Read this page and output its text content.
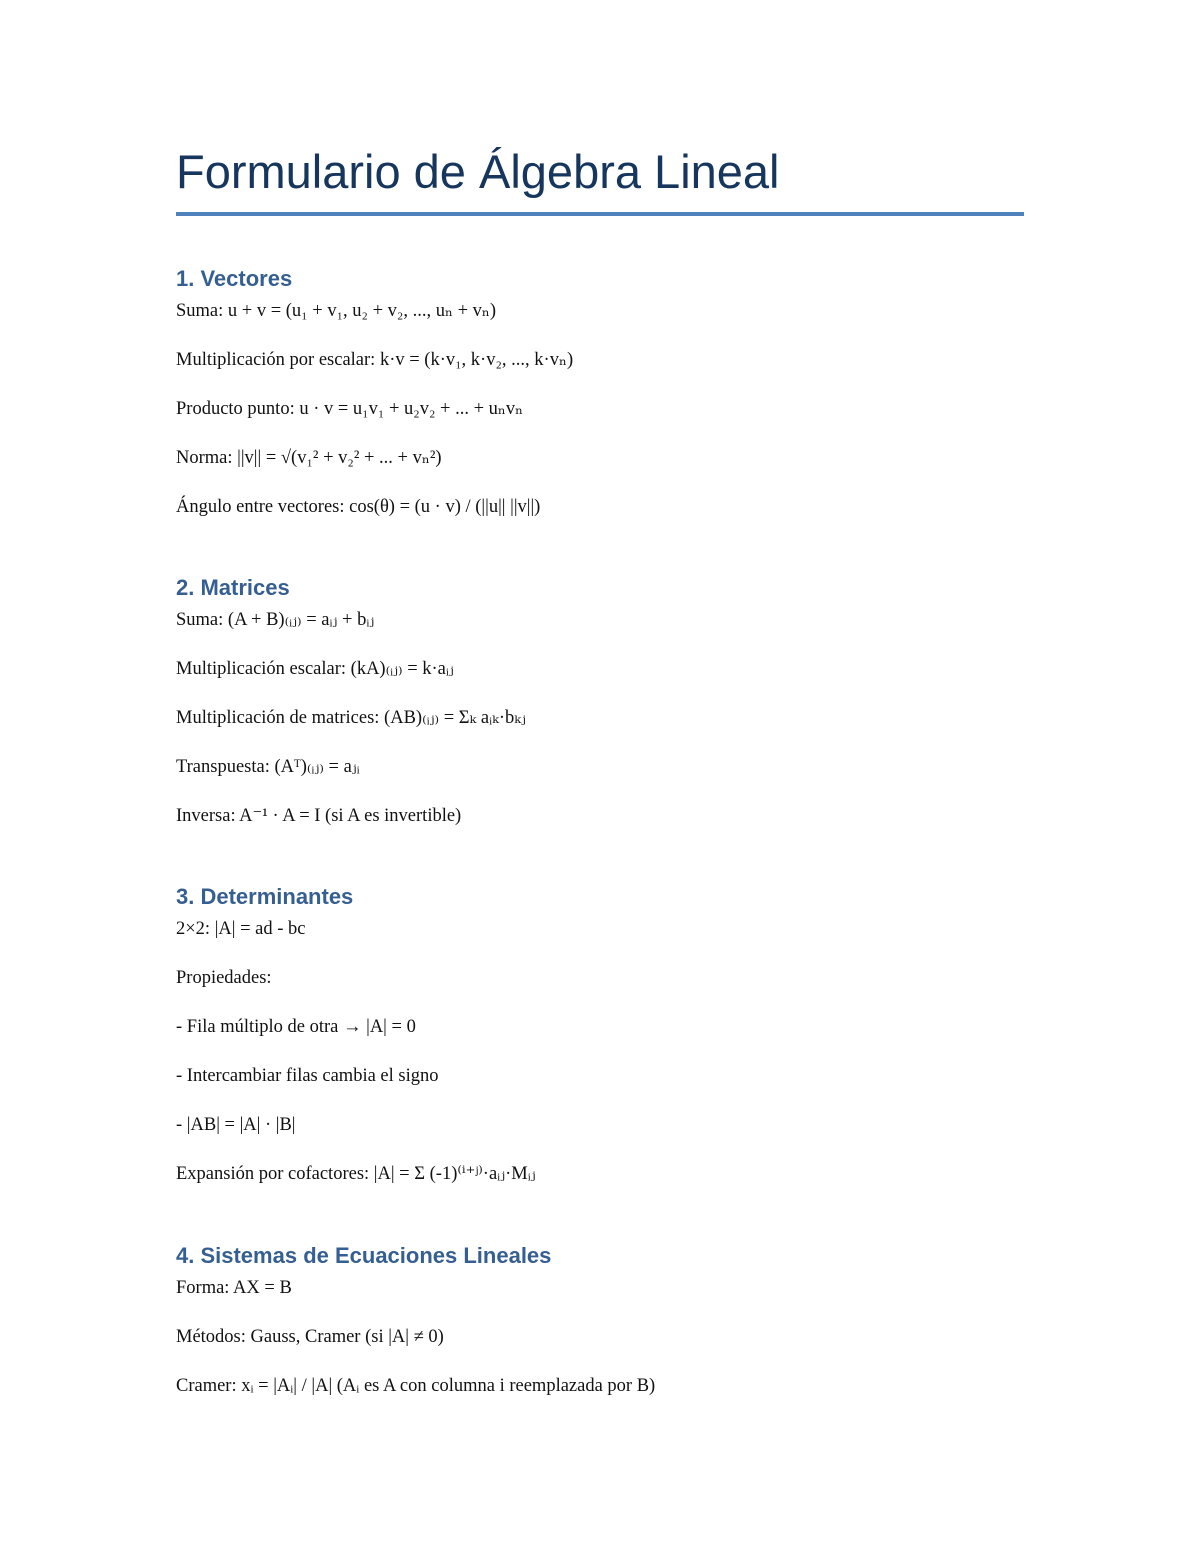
Formulario de Álgebra Lineal
1. Vectores

Suma: u + v = (u₁ + v₁, u₂ + v₂, ..., uₙ + vₙ)

Multiplicación por escalar: k·v = (k·v₁, k·v₂, ..., k·vₙ)

Producto punto: u · v = u₁v₁ + u₂v₂ + ... + uₙvₙ

Norma: ||v|| = √(v₁² + v₂² + ... + vₙ²)

Ángulo entre vectores: cos(θ) = (u · v) / (||u|| ||v||)

2. Matrices

Suma: (A + B)₍ᵢⱼ₎ = aᵢⱼ + bᵢⱼ

Multiplicación escalar: (kA)₍ᵢⱼ₎ = k·aᵢⱼ

Multiplicación de matrices: (AB)₍ᵢⱼ₎ = Σₖ aᵢₖ·bₖⱼ

Transpuesta: (Aᵀ)₍ᵢⱼ₎ = aⱼᵢ

Inversa: A⁻¹ · A = I (si A es invertible)

3. Determinantes

2×2: |A| = ad - bc

Propiedades:

- Fila múltiplo de otra → |A| = 0

- Intercambiar filas cambia el signo

- |AB| = |A| · |B|

Expansión por cofactores: |A| = Σ (-1)⁽ⁱ⁺ʲ⁾·aᵢⱼ·Mᵢⱼ

4. Sistemas de Ecuaciones Lineales

Forma: AX = B

Métodos: Gauss, Cramer (si |A| ≠ 0)

Cramer: xᵢ = |Aᵢ| / |A| (Aᵢ es A con columna i reemplazada por B)
